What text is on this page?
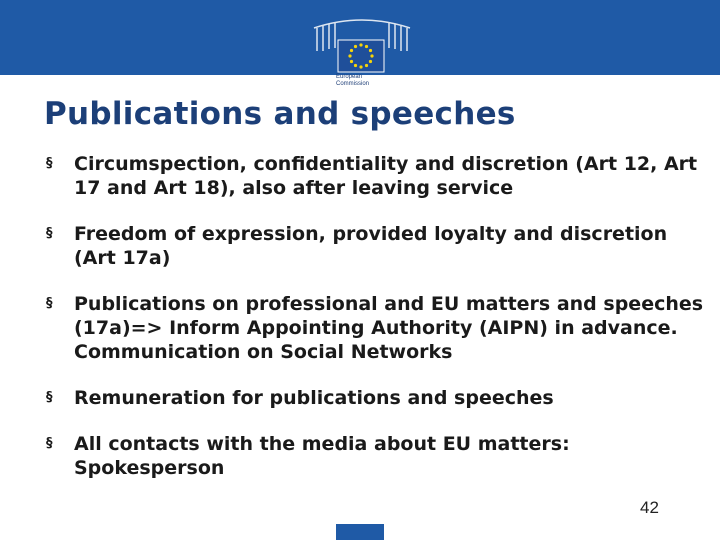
European
Commission
Publications and speeches
§ Circumspection, confidentiality and discretion (Art 12, Art 17 and Art 18), also after leaving service
§ Freedom of expression, provided loyalty and discretion (Art 17a)
§ Publications on professional and EU matters and speeches (17a)=> Inform Appointing Authority (AIPN) in advance. Communication on Social Networks
§ Remuneration for publications and speeches
§ All contacts with the media about EU matters: Spokesperson
42
